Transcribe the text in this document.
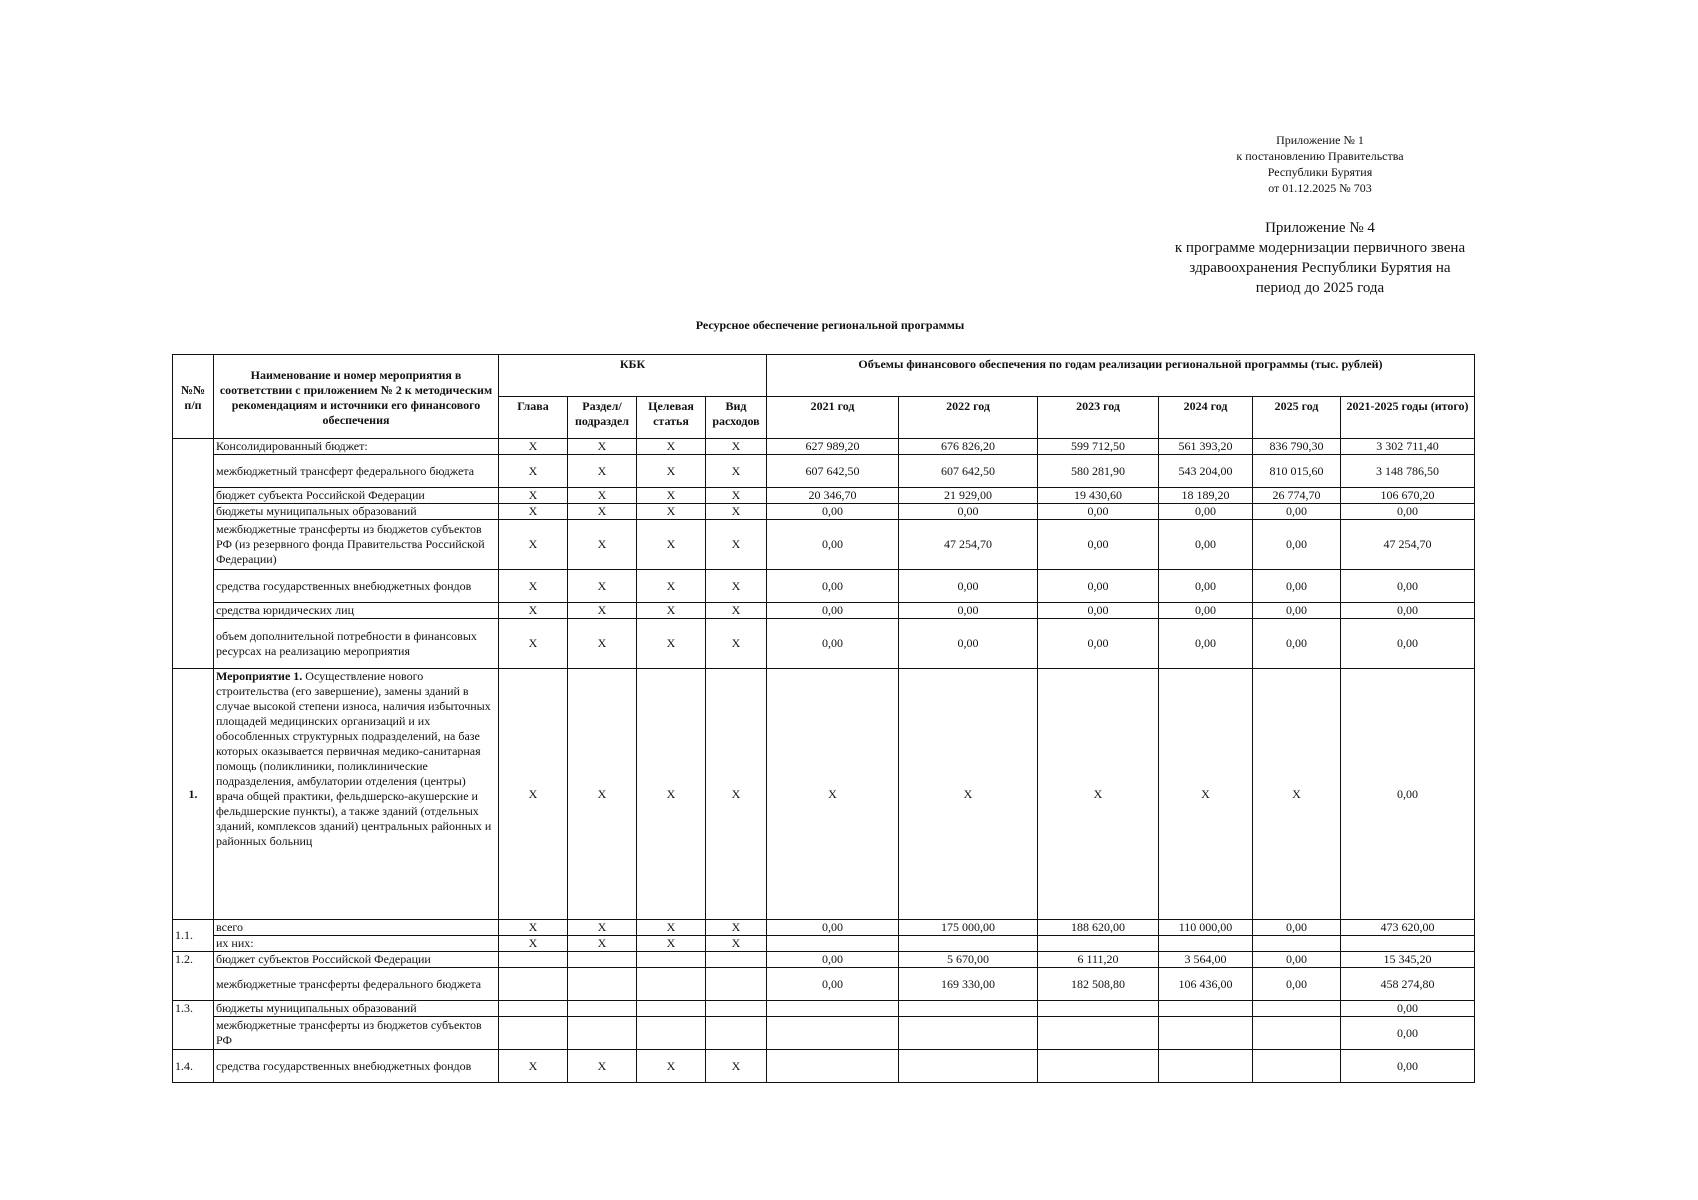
Приложение № 1
к постановлению Правительства
Республики Бурятия
от 01.12.2025 № 703
Приложение № 4
к программе модернизации первичного звена
здравоохранения Республики Бурятия на
период до 2025 года
Ресурсное обеспечение региональной программы
№№ п/п	Наименование и номер мероприятия в соответствии с приложением № 2 к методическим рекомендациям и источники его финансового обеспечения	КБК				Объемы финансового обеспечения по годам реализации региональной программы (тыс. рублей)					
		Глава	Раздел/ подраздел	Целевая статья	Вид расходов	2021 год	2022 год	2023 год	2024 год	2025 год	2021-2025 годы (итого)
	Консолидированный бюджет:	X	X	X	X	627 989,20	676 826,20	599 712,50	561 393,20	836 790,30	3 302 711,40
	межбюджетный трансферт федерального бюджета	X	X	X	X	607 642,50	607 642,50	580 281,90	543 204,00	810 015,60	3 148 786,50
	бюджет субъекта Российской Федерации	X	X	X	X	20 346,70	21 929,00	19 430,60	18 189,20	26 774,70	106 670,20
	бюджеты муниципальных образований	X	X	X	X	0,00	0,00	0,00	0,00	0,00	0,00
	межбюджетные трансферты из бюджетов субъектов РФ (из резервного фонда Правительства Российской Федерации)	X	X	X	X	0,00	47 254,70	0,00	0,00	0,00	47 254,70
	средства государственных внебюджетных фондов	X	X	X	X	0,00	0,00	0,00	0,00	0,00	0,00
	средства юридических лиц	X	X	X	X	0,00	0,00	0,00	0,00	0,00	0,00
	объем дополнительной потребности в финансовых ресурсах на реализацию мероприятия	X	X	X	X	0,00	0,00	0,00	0,00	0,00	0,00
1.	Мероприятие 1. Осуществление нового строительства (его завершение), замены зданий в случае высокой степени износа, наличия избыточных площадей медицинских организаций и их обособленных структурных подразделений, на базе которых оказывается первичная медико-санитарная помощь (поликлиники, поликлинические подразделения, амбулатории отделения (центры) врача общей практики, фельдшерско-акушерские и фельдшерские пункты), а также зданий (отдельных зданий, комплексов зданий) центральных районных и районных больниц	X	X	X	X	X	X	X	X	X	0,00
1.1.	всего	X	X	X	X	0,00	175 000,00	188 620,00	110 000,00	0,00	473 620,00
	их них:	X	X	X	X						
1.2.	бюджет субъектов Российской Федерации					0,00	5 670,00	6 111,20	3 564,00	0,00	15 345,20
	межбюджетные трансферты федерального бюджета					0,00	169 330,00	182 508,80	106 436,00	0,00	458 274,80
1.3.	бюджеты муниципальных образований										0,00
	межбюджетные трансферты из бюджетов субъектов РФ										0,00
1.4.	средства государственных внебюджетных фондов	X	X	X	X						0,00
